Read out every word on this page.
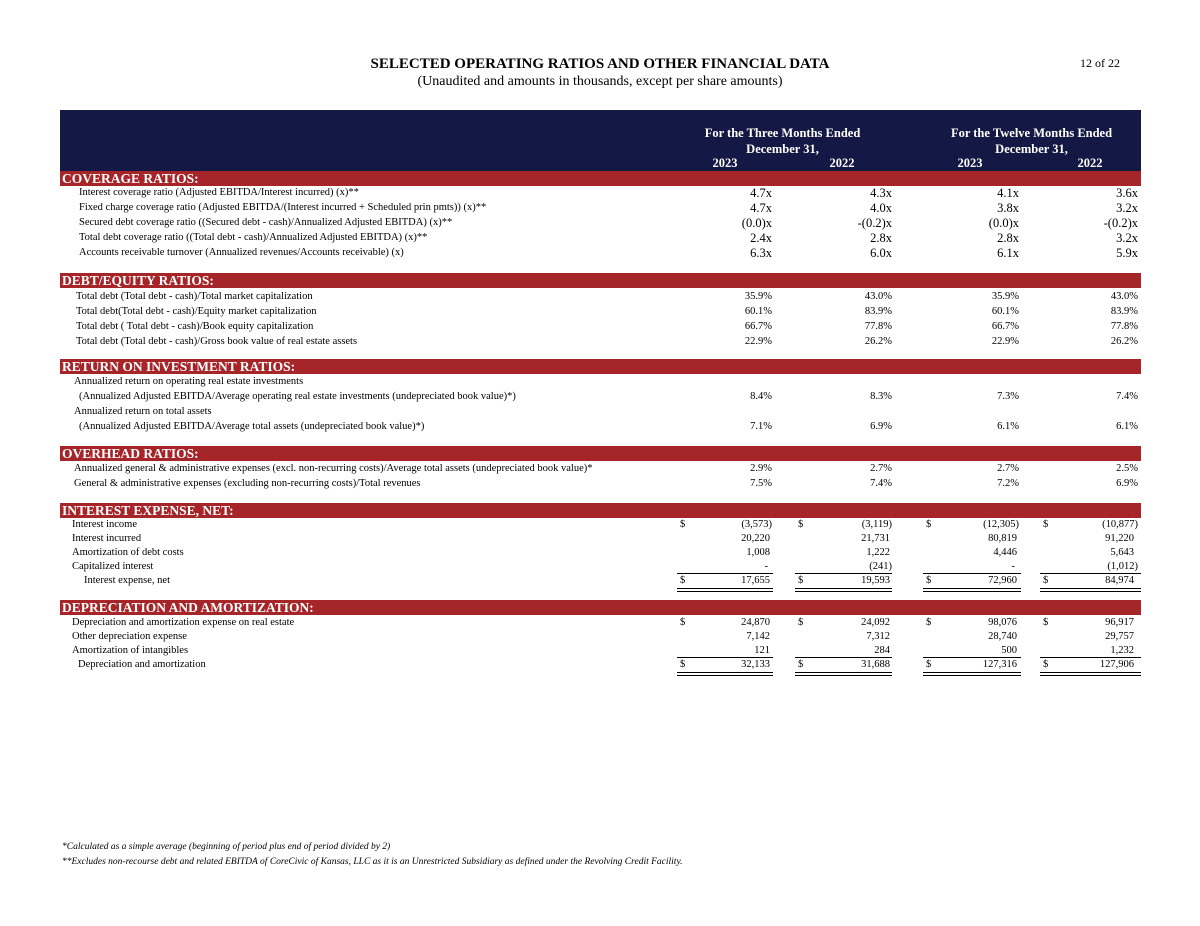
SELECTED OPERATING RATIOS AND OTHER FINANCIAL DATA
(Unaudited and amounts in thousands, except per share amounts)
12 of 22
For the Three Months Ended
December 31,
For the Twelve Months Ended
December 31,
2023	2022	2023	2022
COVERAGE RATIOS:
Interest coverage ratio (Adjusted EBITDA/Interest incurred) (x)**	4.7x	4.3x	4.1x	3.6x
Fixed charge coverage ratio (Adjusted EBITDA/(Interest incurred + Scheduled prin pmts)) (x)**	4.7x	4.0x	3.8x	3.2x
Secured debt coverage ratio ((Secured debt - cash)/Annualized Adjusted EBITDA) (x)**	(0.0)x	-(0.2)x	(0.0)x	-(0.2)x
Total debt coverage ratio ((Total debt - cash)/Annualized Adjusted EBITDA) (x)**	2.4x	2.8x	2.8x	3.2x
Accounts receivable turnover (Annualized revenues/Accounts receivable) (x)	6.3x	6.0x	6.1x	5.9x
DEBT/EQUITY RATIOS:
Total debt (Total debt - cash)/Total market capitalization	35.9%	43.0%	35.9%	43.0%
Total debt(Total debt - cash)/Equity market capitalization	60.1%	83.9%	60.1%	83.9%
Total debt ( Total debt - cash)/Book equity capitalization	66.7%	77.8%	66.7%	77.8%
Total debt (Total debt - cash)/Gross book value of real estate assets	22.9%	26.2%	22.9%	26.2%
RETURN ON INVESTMENT RATIOS:
Annualized return on operating real estate investments
(Annualized Adjusted EBITDA/Average operating real estate investments (undepreciated book value)*)	8.4%	8.3%	7.3%	7.4%
Annualized return on total assets
(Annualized Adjusted EBITDA/Average total assets (undepreciated book value)*)	7.1%	6.9%	6.1%	6.1%
OVERHEAD RATIOS:
Annualized general & administrative expenses (excl. non-recurring costs)/Average total assets (undepreciated book value)*	2.9%	2.7%	2.7%	2.5%
General & administrative expenses (excluding non-recurring costs)/Total revenues	7.5%	7.4%	7.2%	6.9%
INTEREST EXPENSE, NET:
Interest income	$	(3,573) $	(3,119)	$	(12,305) $	(10,877)
Interest incurred	20,220	21,731	80,819	91,220
Amortization of debt costs	1,008	1,222	4,446	5,643
Capitalized interest	-	(241)	-	(1,012)
Interest expense, net	$	17,655	$	19,593	$	72,960 $	84,974
DEPRECIATION AND AMORTIZATION:
Depreciation and amortization expense on real estate	$	24,870	$	24,092	$	98,076 $	96,917
Other depreciation expense	7,142	7,312	28,740	29,757
Amortization of intangibles	121	284	500	1,232
Depreciation and amortization	$	32,133	$	31,688	$	127,316 $	127,906
*Calculated as a simple average (beginning of period plus end of period divided by 2)
**Excludes non-recourse debt and related EBITDA of CoreCivic of Kansas, LLC as it is an Unrestricted Subsidiary as defined under the Revolving Credit Facility.
